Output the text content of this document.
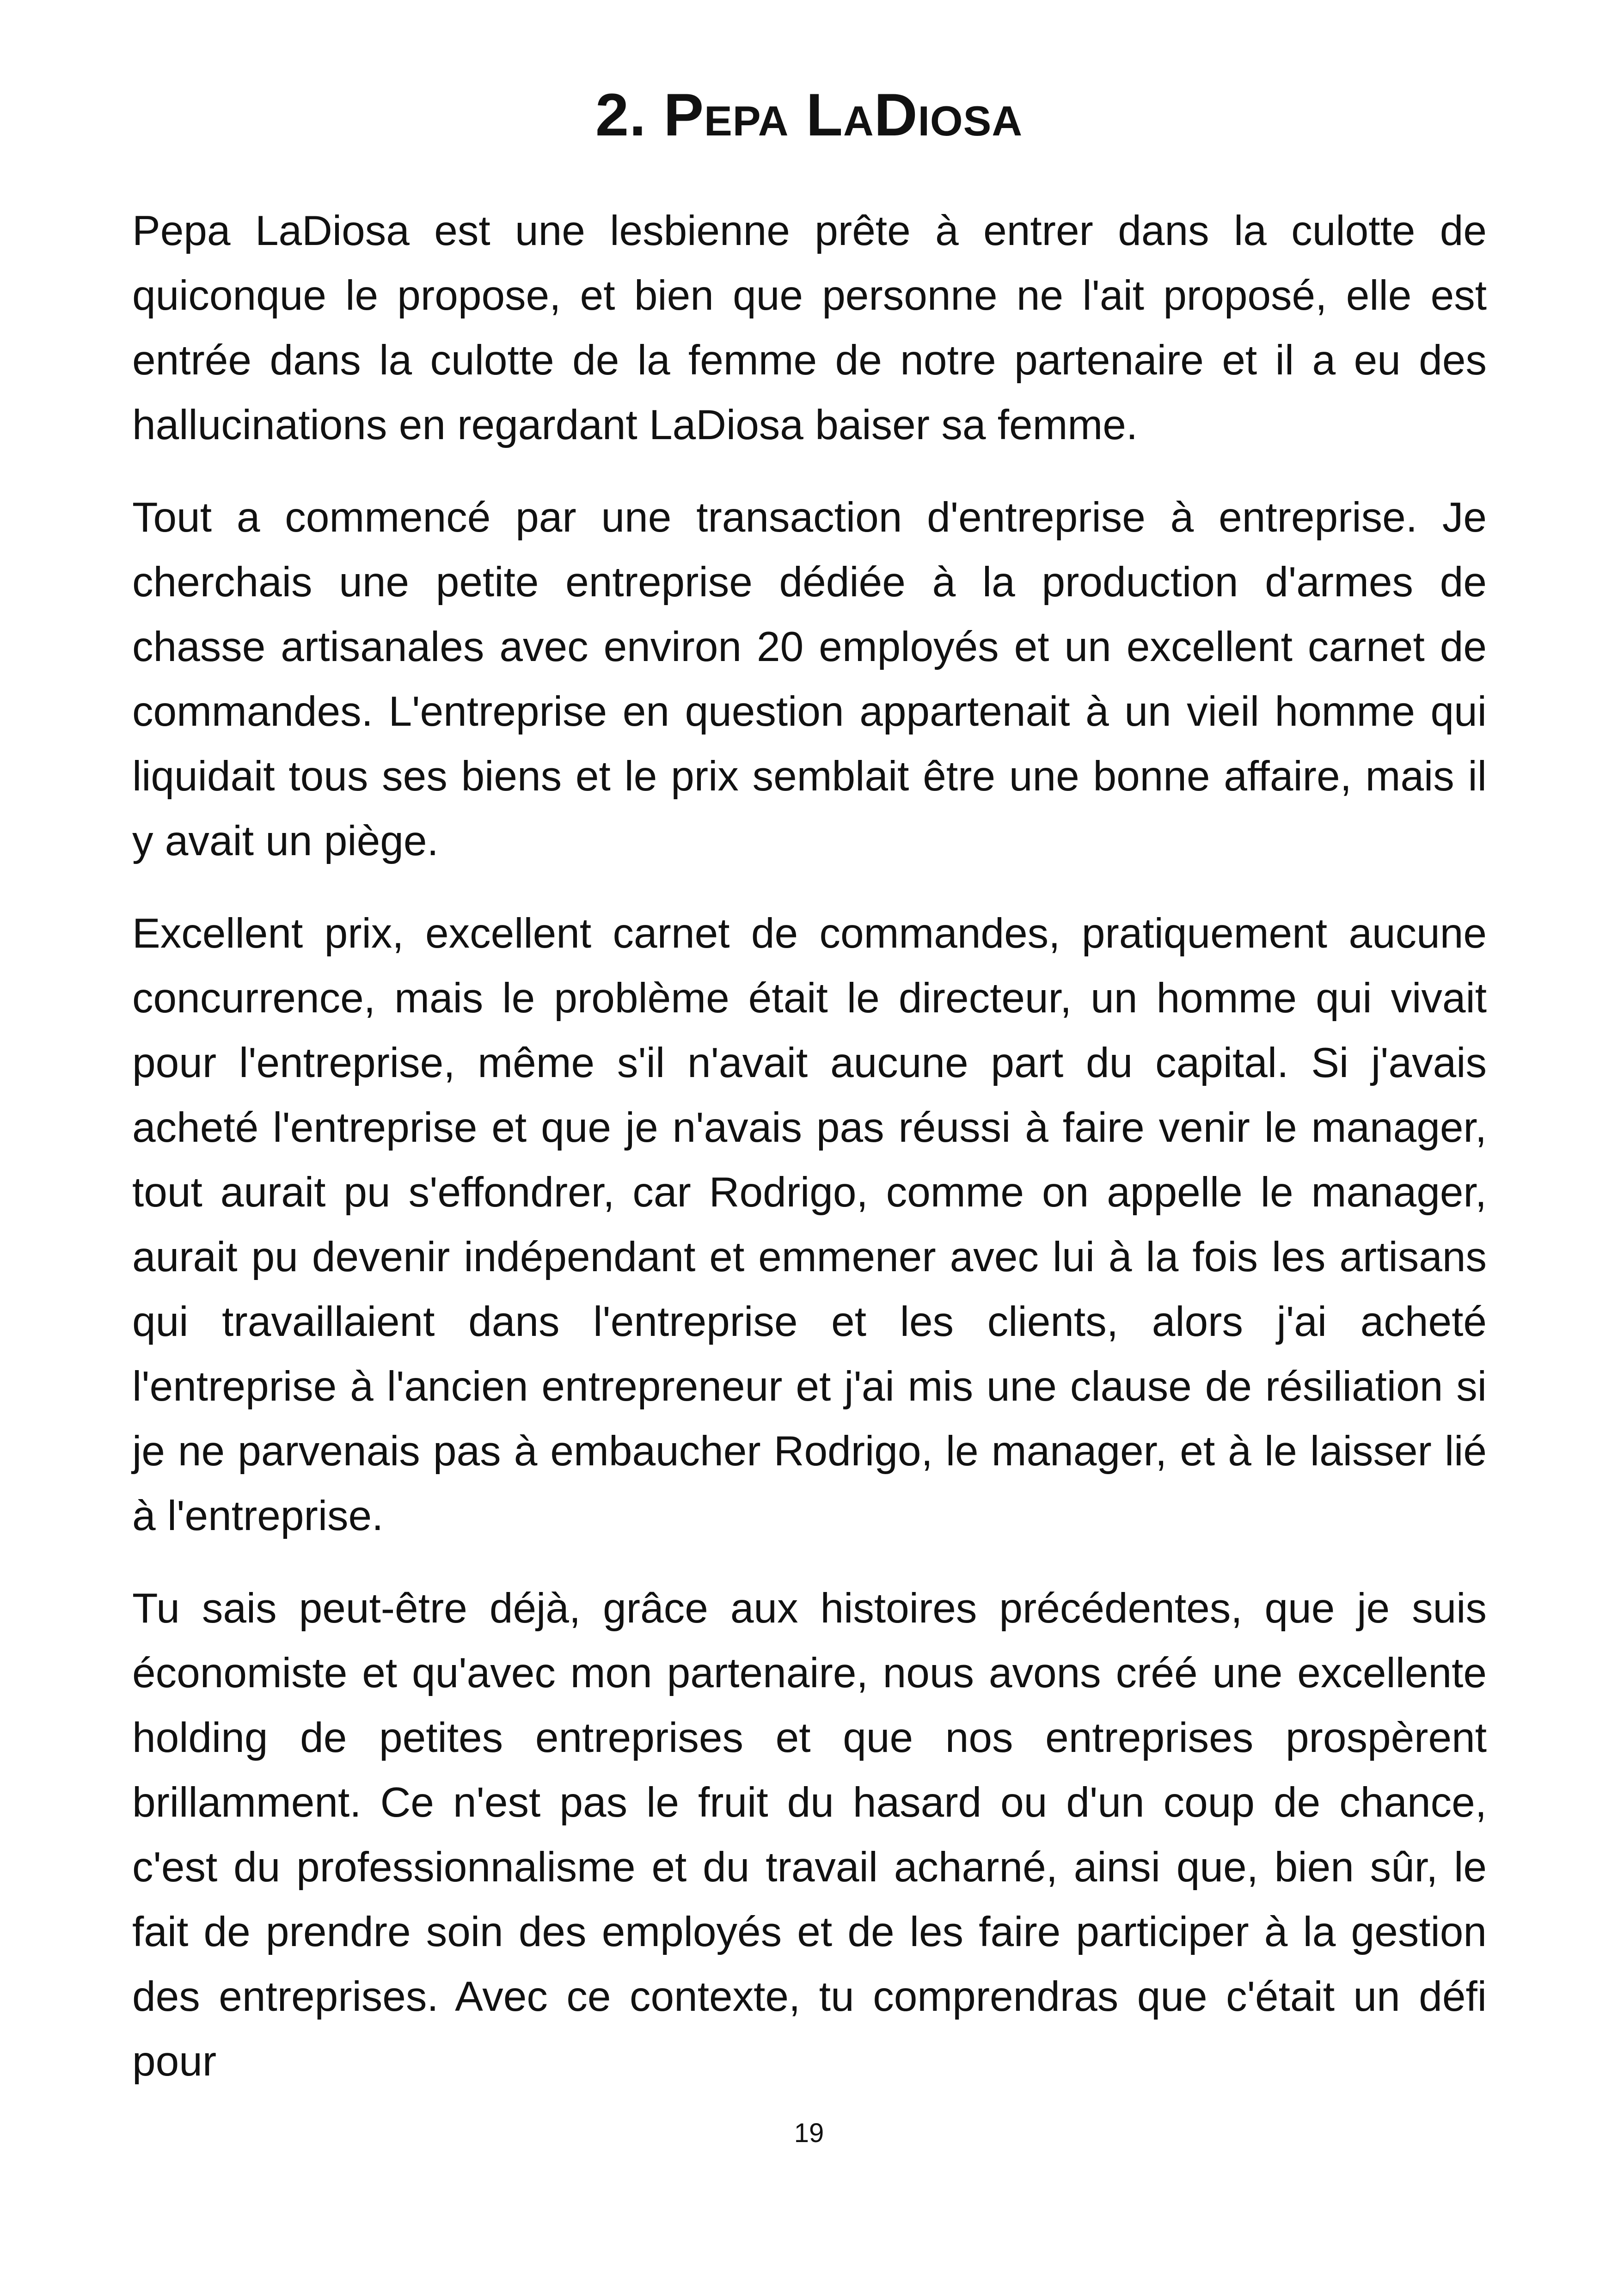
2. Pepa LaDiosa

Pepa LaDiosa est une lesbienne prête à entrer dans la culotte de quiconque le propose, et bien que personne ne l'ait proposé, elle est entrée dans la culotte de la femme de notre partenaire et il a eu des hallucinations en regardant LaDiosa baiser sa femme.

Tout a commencé par une transaction d'entreprise à entreprise. Je cherchais une petite entreprise dédiée à la production d'armes de chasse artisanales avec environ 20 employés et un excellent carnet de commandes. L'entreprise en question appartenait à un vieil homme qui liquidait tous ses biens et le prix semblait être une bonne affaire, mais il y avait un piège.

Excellent prix, excellent carnet de commandes, pratiquement aucune concurrence, mais le problème était le directeur, un homme qui vivait pour l'entreprise, même s'il n'avait aucune part du capital. Si j'avais acheté l'entreprise et que je n'avais pas réussi à faire venir le manager, tout aurait pu s'effondrer, car Rodrigo, comme on appelle le manager, aurait pu devenir indépendant et emmener avec lui à la fois les artisans qui travaillaient dans l'entreprise et les clients, alors j'ai acheté l'entreprise à l'ancien entrepreneur et j'ai mis une clause de résiliation si je ne parvenais pas à embaucher Rodrigo, le manager, et à le laisser lié à l'entreprise.

Tu sais peut-être déjà, grâce aux histoires précédentes, que je suis économiste et qu'avec mon partenaire, nous avons créé une excellente holding de petites entreprises et que nos entreprises prospèrent brillamment. Ce n'est pas le fruit du hasard ou d'un coup de chance, c'est du professionnalisme et du travail acharné, ainsi que, bien sûr, le fait de prendre soin des employés et de les faire participer à la gestion des entreprises. Avec ce contexte, tu comprendras que c'était un défi pour

19
